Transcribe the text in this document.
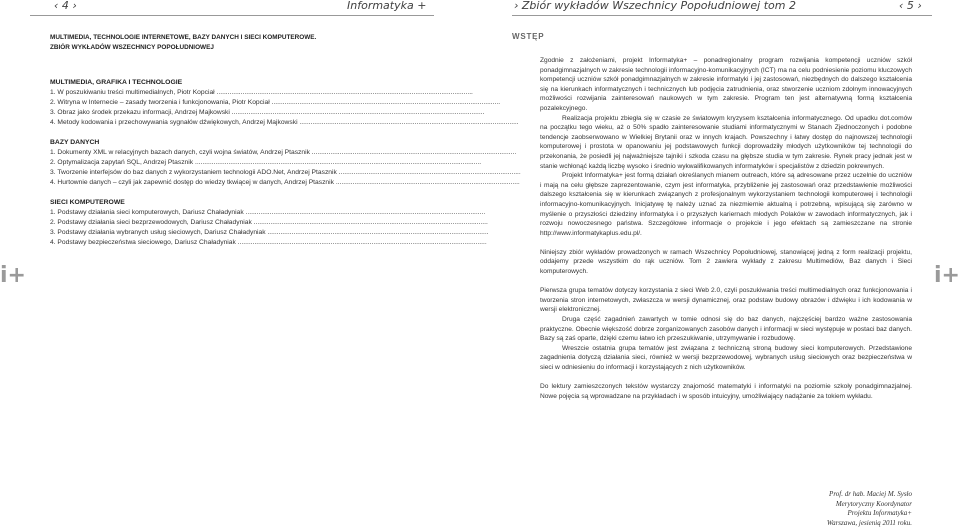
‹ 4 ›	Informatyka +	› Zbiór wykładów Wszechnicy Popołudniowej tom 2	‹ 5 ›
i+	i+
MULTIMEDIA, TECHNOLOGIE INTERNETOWE, BAZY DANYCH I SIECI KOMPUTEROWE.
ZBIÓR WYKŁADÓW WSZECHNICY POPOŁUDNIOWEJ
MULTIMEDIA, GRAFIKA I TECHNOLOGIE
1. W poszukiwaniu treści multimedialnych, Piotr Kopciał ..........................................................................................................................................
2. Witryna w Internecie – zasady tworzenia i funkcjonowania, Piotr Kopciał ...........................................................................................................................
3. Obraz jako środek przekazu informacji, Andrzej Majkowski ........................................................................................................................................
4. Metody kodowania i przechowywania sygnałów dźwiękowych, Andrzej Majkowski ......................................................................................................................
BAZY DANYCH
1. Dokumenty XML w relacyjnych bazach danych, czyli wojna światów, Andrzej Ptasznik ..............................................................................................................
2. Optymalizacja zapytań SQL, Andrzej Ptasznik ..........................................................................................................................................................
3. Tworzenie interfejsów do baz danych z wykorzystaniem technologii ADO.Net, Andrzej Ptasznik ..................................................................................................
4. Hurtownie danych – czyli jak zapewnić dostęp do wiedzy tkwiącej w danych, Andrzej Ptasznik ...................................................................................................
SIECI KOMPUTEROWE
1. Podstawy działania sieci komputerowych, Dariusz Chaładyniak .................................................................................................................................
2. Podstawy działania sieci bezprzewodowych, Dariusz Chaładyniak ..............................................................................................................................
3. Podstawy działania wybranych usług sieciowych, Dariusz Chaładyniak .......................................................................................................................
4. Podstawy bezpieczeństwa sieciowego, Dariusz Chaładyniak ......................................................................................................................................
WSTĘP

Zgodnie z założeniami, projekt Informatyka+ – ponadregionalny program rozwijania kompetencji uczniów szkół ponadgimnazjalnych w zakresie technologii informacyjno-komunikacyjnych (ICT) ma na celu podniesienie poziomu kluczowych kompetencji uczniów szkół ponadgimnazjalnych w zakresie informatyki i jej zastosowań, niezbędnych do dalszego kształcenia się na kierunkach informatycznych i technicznych lub podjęcia zatrudnienia, oraz stworzenie uczniom zdolnym innowacyjnych możliwości rozwijania zainteresowań naukowych w tym zakresie. Program ten jest alternatywną formą kształcenia pozalekcyjnego.

Realizacja projektu zbiegła się w czasie ze światowym kryzysem kształcenia informatycznego. Od upadku dot.comów na początku tego wieku, aż o 50% spadło zainteresowanie studiami informatycznymi w Stanach Zjednoczonych i podobne tendencje zaobserwowano w Wielkiej Brytanii oraz w innych krajach. Powszechny i łatwy dostęp do najnowszej technologii komputerowej i prostota w opanowaniu jej podstawowych funkcji doprowadziły młodych użytkowników tej technologii do przekonania, że posiedli jej najważniejsze tajniki i szkoda czasu na głębsze studia w tym zakresie. Rynek pracy jednak jest w stanie wchłonąć każdą liczbę wysoko i średnio wykwalifikowanych informatyków i specjalistów z dziedzin pokrewnych.

Projekt Informatyka+ jest formą działań określanych mianem outreach, które są adresowane przez uczelnie do uczniów i mają na celu głębsze zaprezentowanie, czym jest informatyka, przybliżenie jej zastosowań oraz przedstawienie możliwości dalszego kształcenia się w kierunkach związanych z profesjonalnym wykorzystaniem technologii komputerowej i technologii informacyjno-komunikacyjnych. Inicjatywę tę należy uznać za niezmiernie aktualną i potrzebną, wpisującą się zarówno w myślenie o przyszłości dziedziny informatyka i o przyszłych kariernach młodych Polaków w zawodach informatycznych, jak i rozwoju nowoczesnego państwa. Szczegółowe informacje o projekcie i jego efektach są zamieszczane na stronie http://www.informatykaplus.edu.pl/.

Niniejszy zbiór wykładów prowadzonych w ramach Wszechnicy Popołudniowej, stanowiącej jedną z form realizacji projektu, oddajemy przede wszystkim do rąk uczniów. Tom 2 zawiera wykłady z zakresu Multimediów, Baz danych i Sieci komputerowych.

Pierwsza grupa tematów dotyczy korzystania z sieci Web 2.0, czyli poszukiwania treści multimedialnych oraz funkcjonowania i tworzenia stron internetowych, zwłaszcza w wersji dynamicznej, oraz podstaw budowy obrazów i dźwięku i ich kodowania w wersji elektronicznej.

Druga część zagadnień zawartych w tomie odnosi się do baz danych, najczęściej bardzo ważne zastosowania praktyczne. Obecnie większość dobrze zorganizowanych zasobów danych i informacji w sieci występuje w postaci baz danych. Bazy są zaś oparte, dzięki czemu łatwo ich przeszukiwanie, utrzymywanie i rozbudowę.

Wreszcie ostatnia grupa tematów jest związana z techniczną stroną budowy sieci komputerowych. Przedstawione zagadnienia dotyczą działania sieci, również w wersji bezprzewodowej, wybranych usług sieciowych oraz bezpieczeństwa w sieci w odniesieniu do informacji i korzystających z nich użytkowników.

Do lektury zamieszczonych tekstów wystarczy znajomość matematyki i informatyki na poziomie szkoły ponadgimnazjalnej. Nowe pojęcia są wprowadzane na przykładach i w sposób intuicyjny, umożliwiający nadążanie za tokiem wykładu.

Prof. dr hab. Maciej M. Sysło
Merytoryczny Koordynator
Projektu Informatyka+
Warszawa, jesienią 2011 roku.
